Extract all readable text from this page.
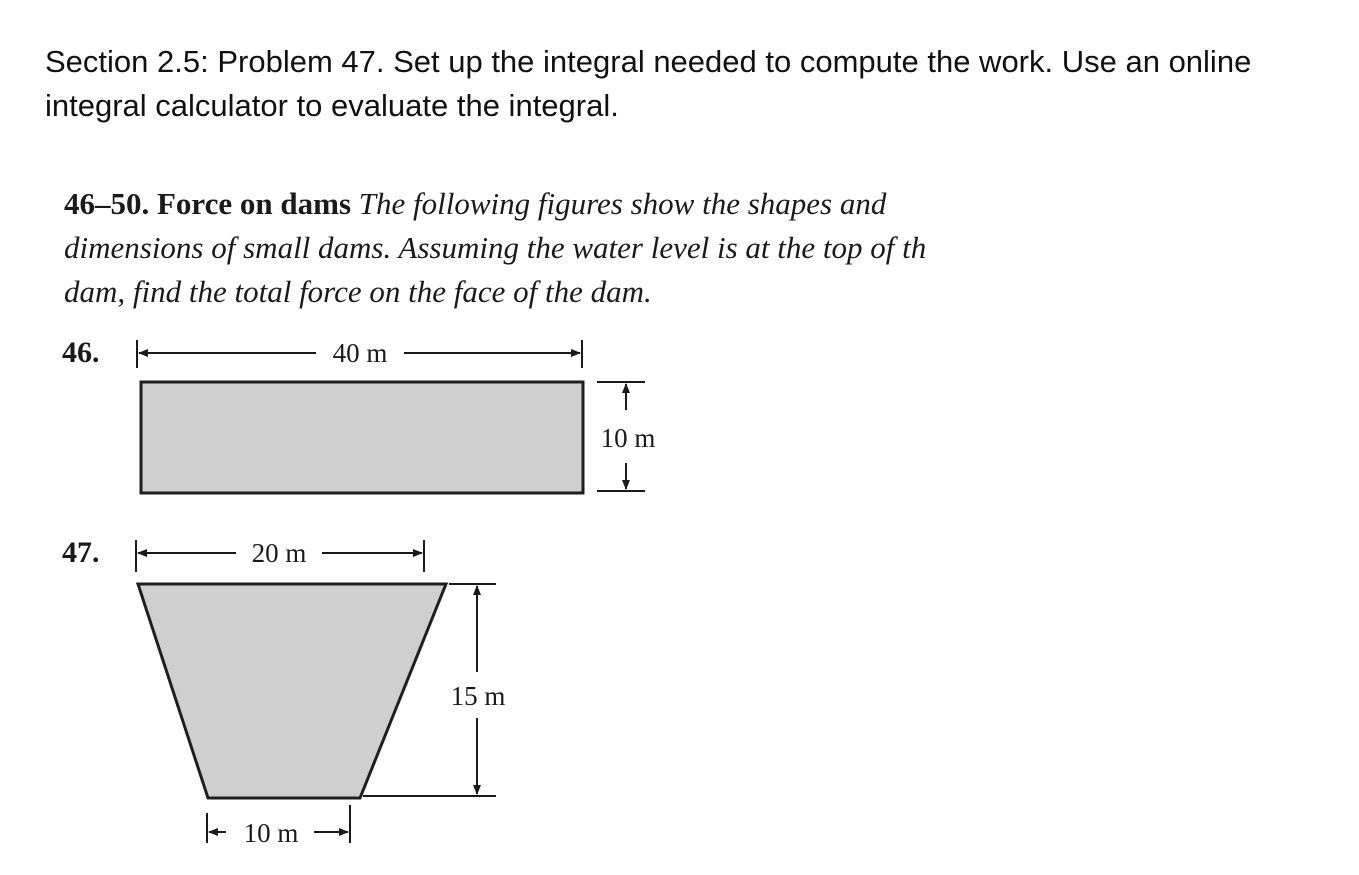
Section 2.5: Problem 47. Set up the integral needed to compute the work. Use an online
integral calculator to evaluate the integral.
46–50. Force on dams The following figures show the shapes and
dimensions of small dams. Assuming the water level is at the top of th
dam, find the total force on the face of the dam.
46.
47.
40 m
10 m
20 m
15 m
10 m
